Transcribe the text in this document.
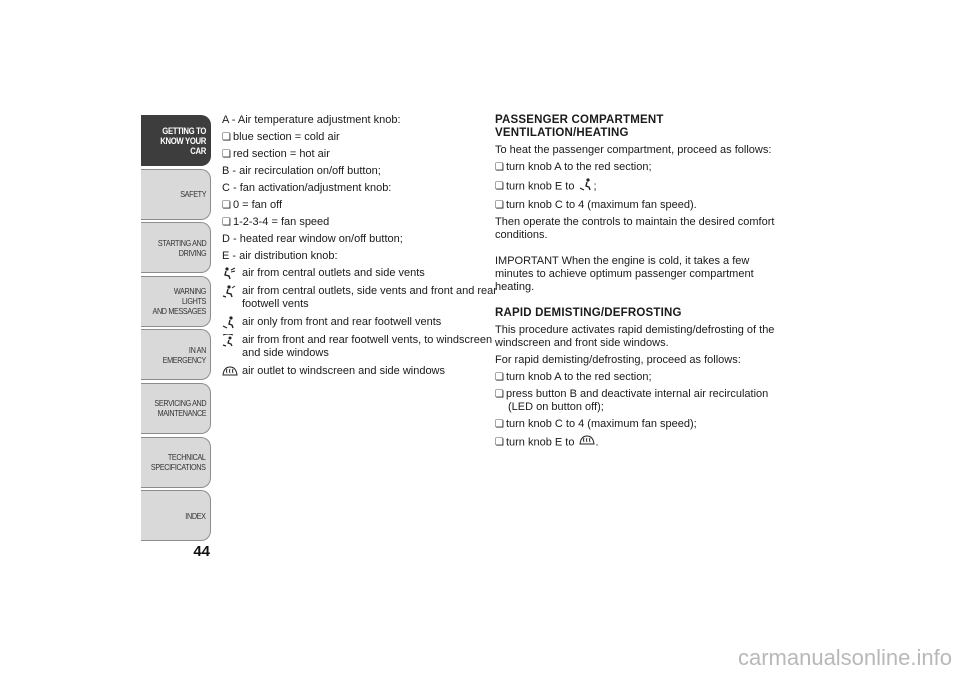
GETTING TO
KNOW YOUR CAR
SAFETY
STARTING AND
DRIVING
WARNING LIGHTS
AND MESSAGES
IN AN EMERGENCY
SERVICING AND
MAINTENANCE
TECHNICAL
SPECIFICATIONS
INDEX
44

A - Air temperature adjustment knob:

❏ blue section = cold air

❏ red section = hot air

B - air recirculation on/off button;

C - fan activation/adjustment knob:

❏ 0 = fan off

❏ 1-2-3-4 = fan speed

D - heated rear window on/off button;

E - air distribution knob:

air from central outlets and side vents
air from central outlets, side vents and front and rear footwell vents
air only from front and rear footwell vents
air from front and rear footwell vents, to windscreen and side windows
air outlet to windscreen and side windows
PASSENGER COMPARTMENT
VENTILATION/HEATING

To heat the passenger compartment, proceed as follows:

❏ turn knob A to the red section;

❏ turn knob E to ;

❏ turn knob C to 4 (maximum fan speed).

Then operate the controls to maintain the desired comfort conditions.

IMPORTANT When the engine is cold, it takes a few minutes to achieve optimum passenger compartment heating.

RAPID DEMISTING/DEFROSTING

This procedure activates rapid demisting/defrosting of the windscreen and front side windows.

For rapid demisting/defrosting, proceed as follows:

❏ turn knob A to the red section;

❏ press button B and deactivate internal air recirculation (LED on button off);

❏ turn knob C to 4 (maximum fan speed);

❏ turn knob E to .

carmanualsonline.info
